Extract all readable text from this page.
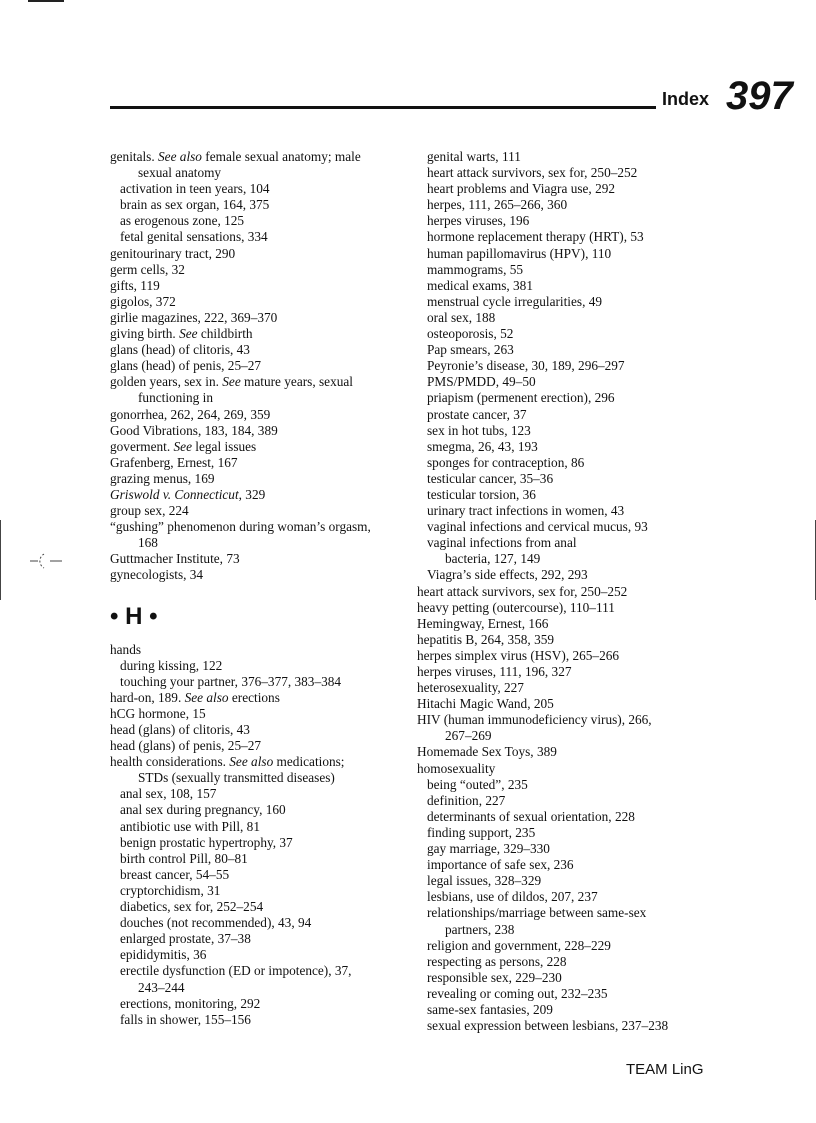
Index 397
genitals. See also female sexual anatomy; male
sexual anatomy
activation in teen years, 104
brain as sex organ, 164, 375
as erogenous zone, 125
fetal genital sensations, 334
genitourinary tract, 290
germ cells, 32
gifts, 119
gigolos, 372
girlie magazines, 222, 369–370
giving birth. See childbirth
glans (head) of clitoris, 43
glans (head) of penis, 25–27
golden years, sex in. See mature years, sexual
functioning in
gonorrhea, 262, 264, 269, 359
Good Vibrations, 183, 184, 389
goverment. See legal issues
Grafenberg, Ernest, 167
grazing menus, 169
Griswold v. Connecticut, 329
group sex, 224
“gushing” phenomenon during woman’s orgasm,
168
Guttmacher Institute, 73
gynecologists, 34
• H •
hands
during kissing, 122
touching your partner, 376–377, 383–384
hard-on, 189. See also erections
hCG hormone, 15
head (glans) of clitoris, 43
head (glans) of penis, 25–27
health considerations. See also medications;
STDs (sexually transmitted diseases)
anal sex, 108, 157
anal sex during pregnancy, 160
antibiotic use with Pill, 81
benign prostatic hypertrophy, 37
birth control Pill, 80–81
breast cancer, 54–55
cryptorchidism, 31
diabetics, sex for, 252–254
douches (not recommended), 43, 94
enlarged prostate, 37–38
epididymitis, 36
erectile dysfunction (ED or impotence), 37,
243–244
erections, monitoring, 292
falls in shower, 155–156
genital warts, 111
heart attack survivors, sex for, 250–252
heart problems and Viagra use, 292
herpes, 111, 265–266, 360
herpes viruses, 196
hormone replacement therapy (HRT), 53
human papillomavirus (HPV), 110
mammograms, 55
medical exams, 381
menstrual cycle irregularities, 49
oral sex, 188
osteoporosis, 52
Pap smears, 263
Peyronie’s disease, 30, 189, 296–297
PMS/PMDD, 49–50
priapism (permenent erection), 296
prostate cancer, 37
sex in hot tubs, 123
smegma, 26, 43, 193
sponges for contraception, 86
testicular cancer, 35–36
testicular torsion, 36
urinary tract infections in women, 43
vaginal infections and cervical mucus, 93
vaginal infections from anal
bacteria, 127, 149
Viagra’s side effects, 292, 293
heart attack survivors, sex for, 250–252
heavy petting (outercourse), 110–111
Hemingway, Ernest, 166
hepatitis B, 264, 358, 359
herpes simplex virus (HSV), 265–266
herpes viruses, 111, 196, 327
heterosexuality, 227
Hitachi Magic Wand, 205
HIV (human immunodeficiency virus), 266,
267–269
Homemade Sex Toys, 389
homosexuality
being “outed”, 235
definition, 227
determinants of sexual orientation, 228
finding support, 235
gay marriage, 329–330
importance of safe sex, 236
legal issues, 328–329
lesbians, use of dildos, 207, 237
relationships/marriage between same-sex
partners, 238
religion and government, 228–229
respecting as persons, 228
responsible sex, 229–230
revealing or coming out, 232–235
same-sex fantasies, 209
sexual expression between lesbians, 237–238
TEAM LinG
